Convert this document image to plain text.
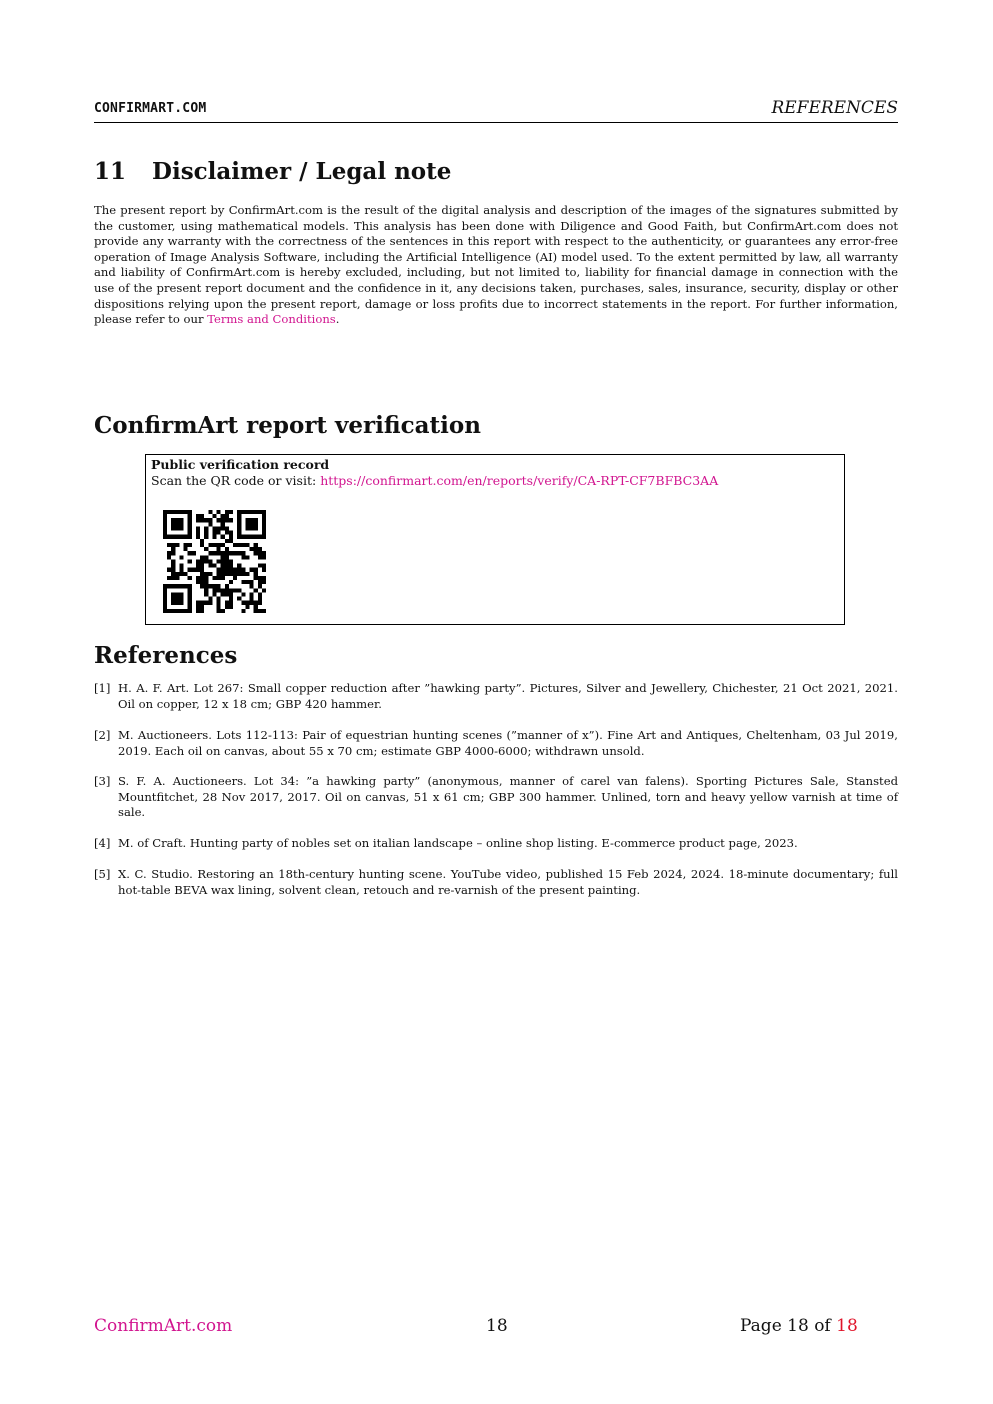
CONFIRMART.COM	REFERENCES
11 Disclaimer / Legal note

The present report by ConfirmArt.com is the result of the digital analysis and description of the images of the signatures submitted by the customer, using mathematical models. This analysis has been done with Diligence and Good Faith, but ConfirmArt.com does not provide any warranty with the correctness of the sentences in this report with respect to the authenticity, or guarantees any error-free operation of Image Analysis Software, including the Artificial Intelligence (AI) model used. To the extent permitted by law, all warranty and liability of ConfirmArt.com is hereby excluded, including, but not limited to, liability for financial damage in connection with the use of the present report document and the confidence in it, any decisions taken, purchases, sales, insurance, security, display or other dispositions relying upon the present report, damage or loss profits due to incorrect statements in the report. For further information, please refer to our Terms and Conditions.

ConfirmArt report verification
Public verification record
Scan the QR code or visit: https://confirmart.com/en/reports/verify/CA-RPT-CF7BFBC3AA
References
[1] H. A. F. Art. Lot 267: Small copper reduction after ”hawking party”. Pictures, Silver and Jewellery, Chichester, 21 Oct 2021, 2021. Oil on copper, 12 x 18 cm; GBP 420 hammer.
[2] M. Auctioneers. Lots 112-113: Pair of equestrian hunting scenes (”manner of x”). Fine Art and Antiques, Cheltenham, 03 Jul 2019, 2019. Each oil on canvas, about 55 x 70 cm; estimate GBP 4000-6000; withdrawn unsold.
[3] S. F. A. Auctioneers. Lot 34: ”a hawking party” (anonymous, manner of carel van falens). Sporting Pictures Sale, Stansted Mountfitchet, 28 Nov 2017, 2017. Oil on canvas, 51 x 61 cm; GBP 300 hammer. Unlined, torn and heavy yellow varnish at time of sale.
[4] M. of Craft. Hunting party of nobles set on italian landscape – online shop listing. E-commerce product page, 2023.
[5] X. C. Studio. Restoring an 18th-century hunting scene. YouTube video, published 15 Feb 2024, 2024. 18-minute documentary; full hot-table BEVA wax lining, solvent clean, retouch and re-varnish of the present painting.
ConfirmArt.com	18	Page 18 of 18
